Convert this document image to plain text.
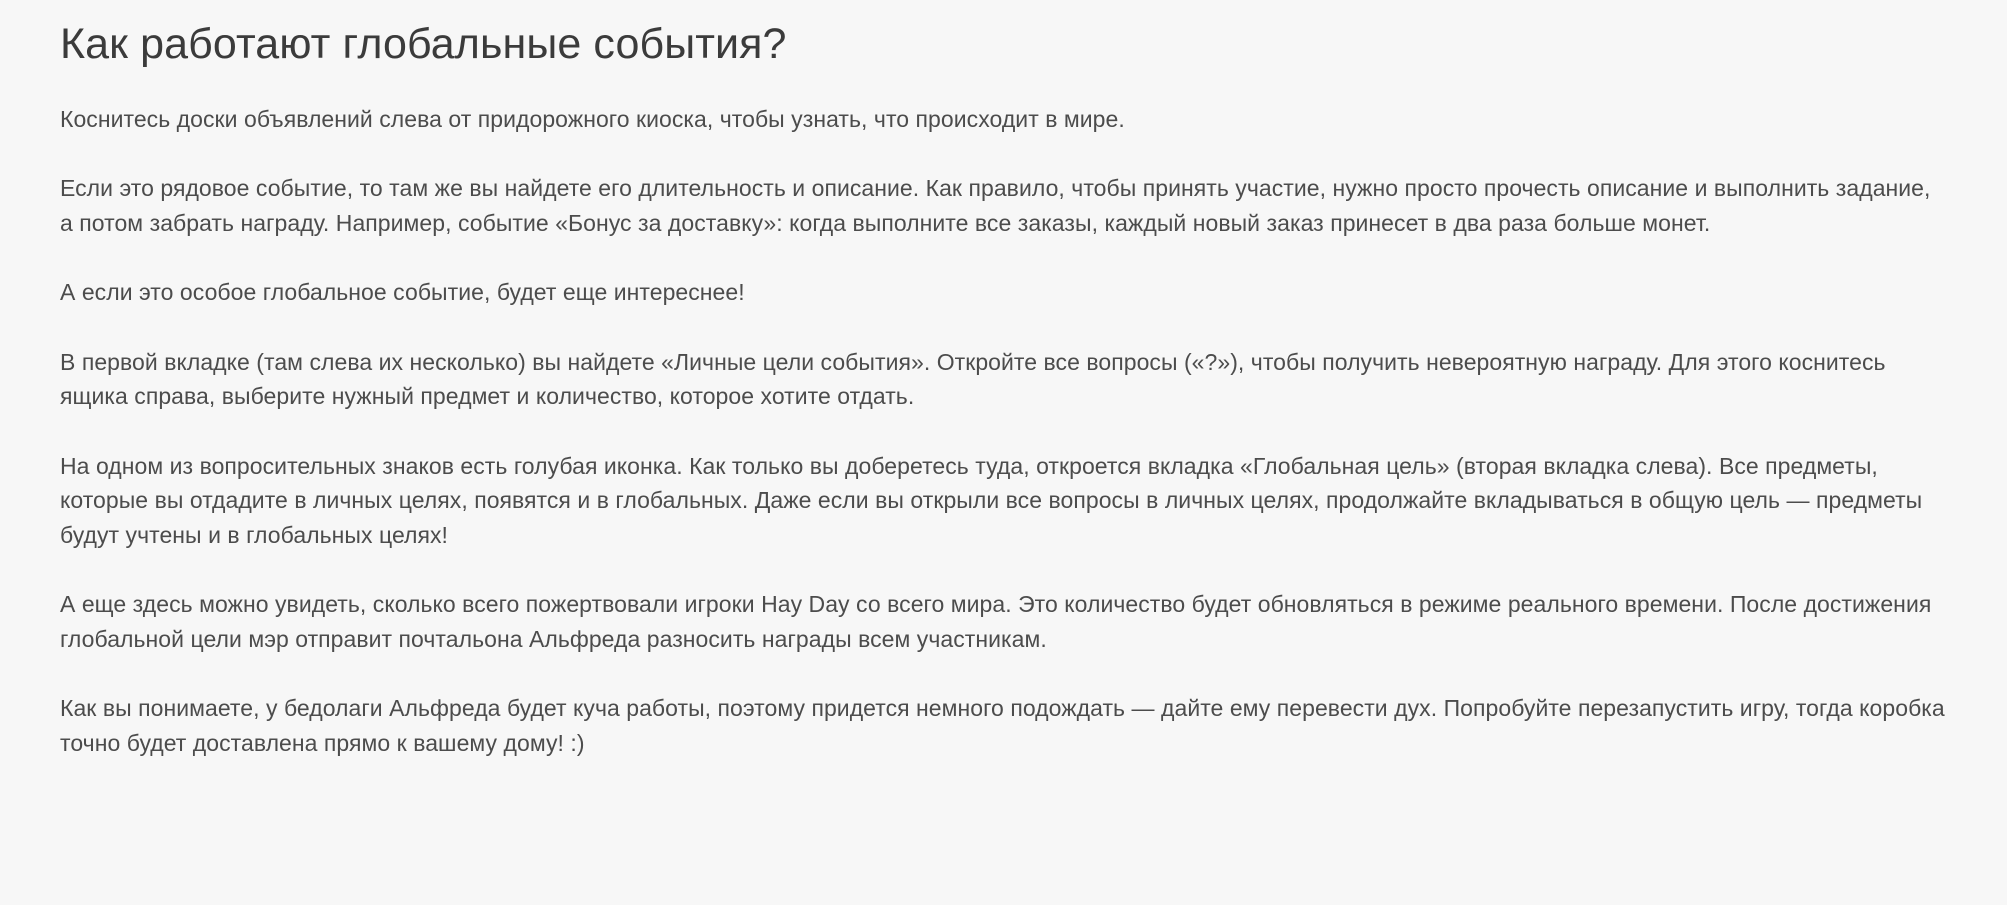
Как работают глобальные события?

Коснитесь доски объявлений слева от придорожного киоска, чтобы узнать, что происходит в мире.

Если это рядовое событие, то там же вы найдете его длительность и описание. Как правило, чтобы принять участие, нужно просто прочесть описание и выполнить задание, а потом забрать награду. Например, событие «Бонус за доставку»: когда выполните все заказы, каждый новый заказ принесет в два раза больше монет.

А если это особое глобальное событие, будет еще интереснее!

В первой вкладке (там слева их несколько) вы найдете «Личные цели события». Откройте все вопросы («?»), чтобы получить невероятную награду. Для этого коснитесь ящика справа, выберите нужный предмет и количество, которое хотите отдать.

На одном из вопросительных знаков есть голубая иконка. Как только вы доберетесь туда, откроется вкладка «Глобальная цель» (вторая вкладка слева). Все предметы, которые вы отдадите в личных целях, появятся и в глобальных. Даже если вы открыли все вопросы в личных целях, продолжайте вкладываться в общую цель — предметы будут учтены и в глобальных целях!

А еще здесь можно увидеть, сколько всего пожертвовали игроки Hay Day со всего мира. Это количество будет обновляться в режиме реального времени. После достижения глобальной цели мэр отправит почтальона Альфреда разносить награды всем участникам.

Как вы понимаете, у бедолаги Альфреда будет куча работы, поэтому придется немного подождать — дайте ему перевести дух. Попробуйте перезапустить игру, тогда коробка точно будет доставлена прямо к вашему дому! :)
